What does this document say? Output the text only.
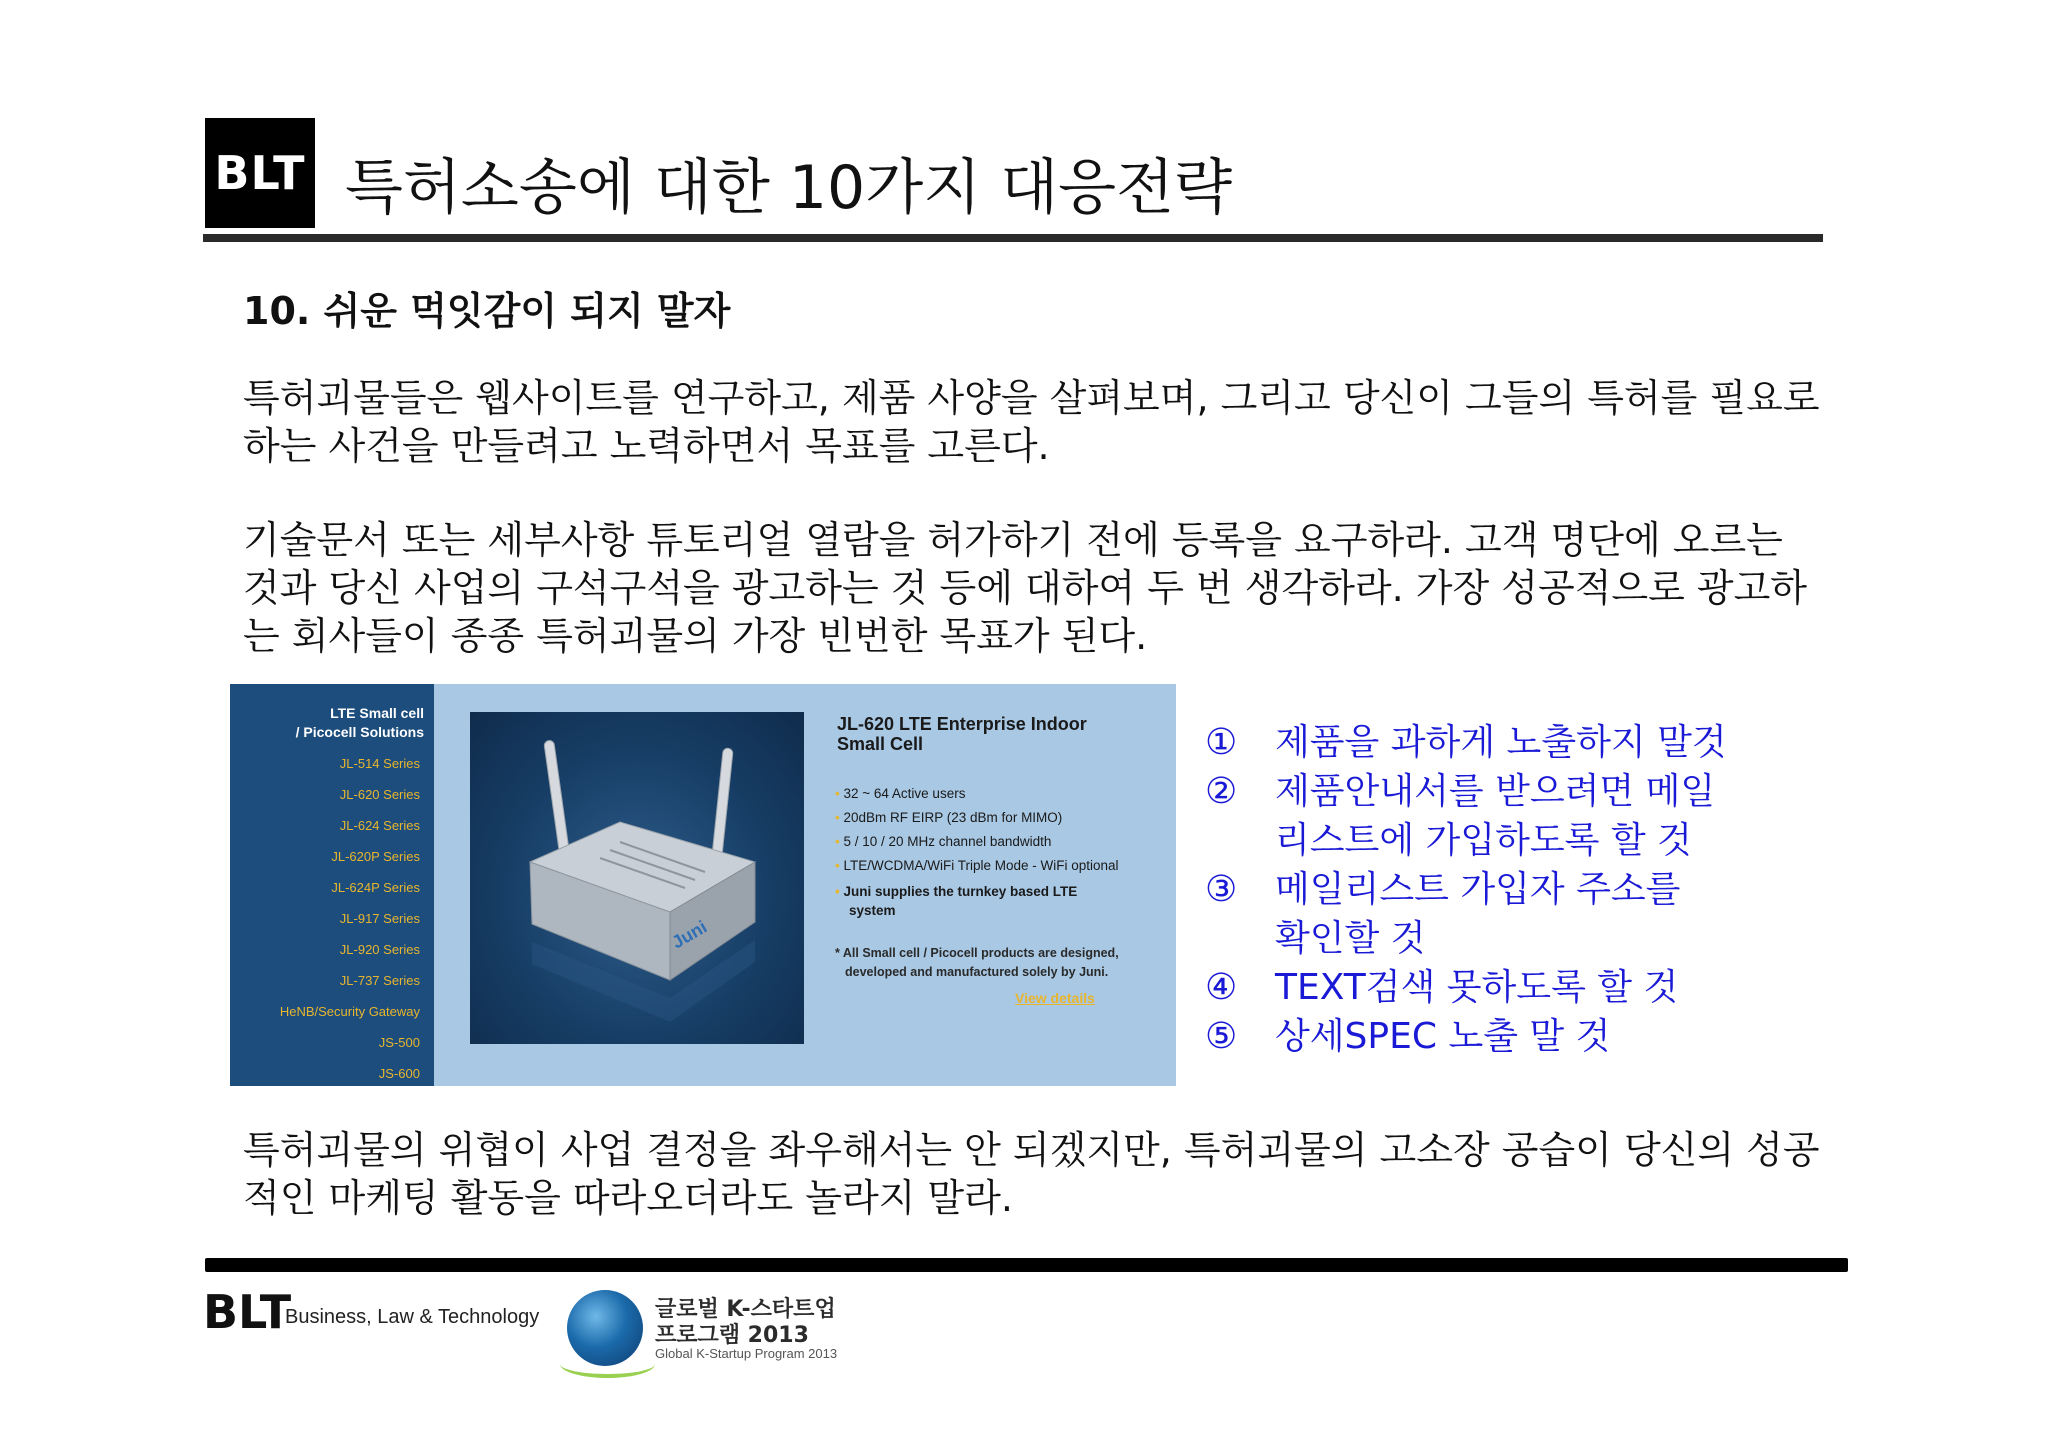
BLT 특허소송에 대한 10가지 대응전략
10. 쉬운 먹잇감이 되지 말자
특허괴물들은 웹사이트를 연구하고, 제품 사양을 살펴보며, 그리고 당신이 그들의 특허를 필요로
하는 사건을 만들려고 노력하면서 목표를 고른다.
기술문서 또는 세부사항 튜토리얼 열람을 허가하기 전에 등록을 요구하라. 고객 명단에 오르는
것과 당신 사업의 구석구석을 광고하는 것 등에 대하여 두 번 생각하라. 가장 성공적으로 광고하
는 회사들이 종종 특허괴물의 가장 빈번한 목표가 된다.
LTE Small cell
/ Picocell Solutions
JL-514 Series
JL-620 Series
JL-624 Series
JL-620P Series
JL-624P Series
JL-917 Series
JL-920 Series
JL-737 Series
HeNB/Security Gateway
JS-500
JS-600
Juni
JL-620 LTE Enterprise Indoor
Small Cell
• 32 ~ 64 Active users
• 20dBm RF EIRP (23 dBm for MIMO)
• 5 / 10 / 20 MHz channel bandwidth
• LTE/WCDMA/WiFi Triple Mode - WiFi optional
• Juni supplies the turnkey based LTE
system
* All Small cell / Picocell products are designed,
developed and manufactured solely by Juni.
View details
①	제품을 과하게 노출하지 말것
②	제품안내서를 받으려면 메일
리스트에 가입하도록 할 것
③	메일리스트 가입자 주소를
확인할 것
④	TEXT검색 못하도록 할 것
⑤	상세SPEC 노출 말 것
특허괴물의 위협이 사업 결정을 좌우해서는 안 되겠지만, 특허괴물의 고소장 공습이 당신의 성공
적인 마케팅 활동을 따라오더라도 놀라지 말라.
BLT
Business, Law & Technology	글로벌 K-스타트업
프로그램 2013
Global K-Startup Program 2013
